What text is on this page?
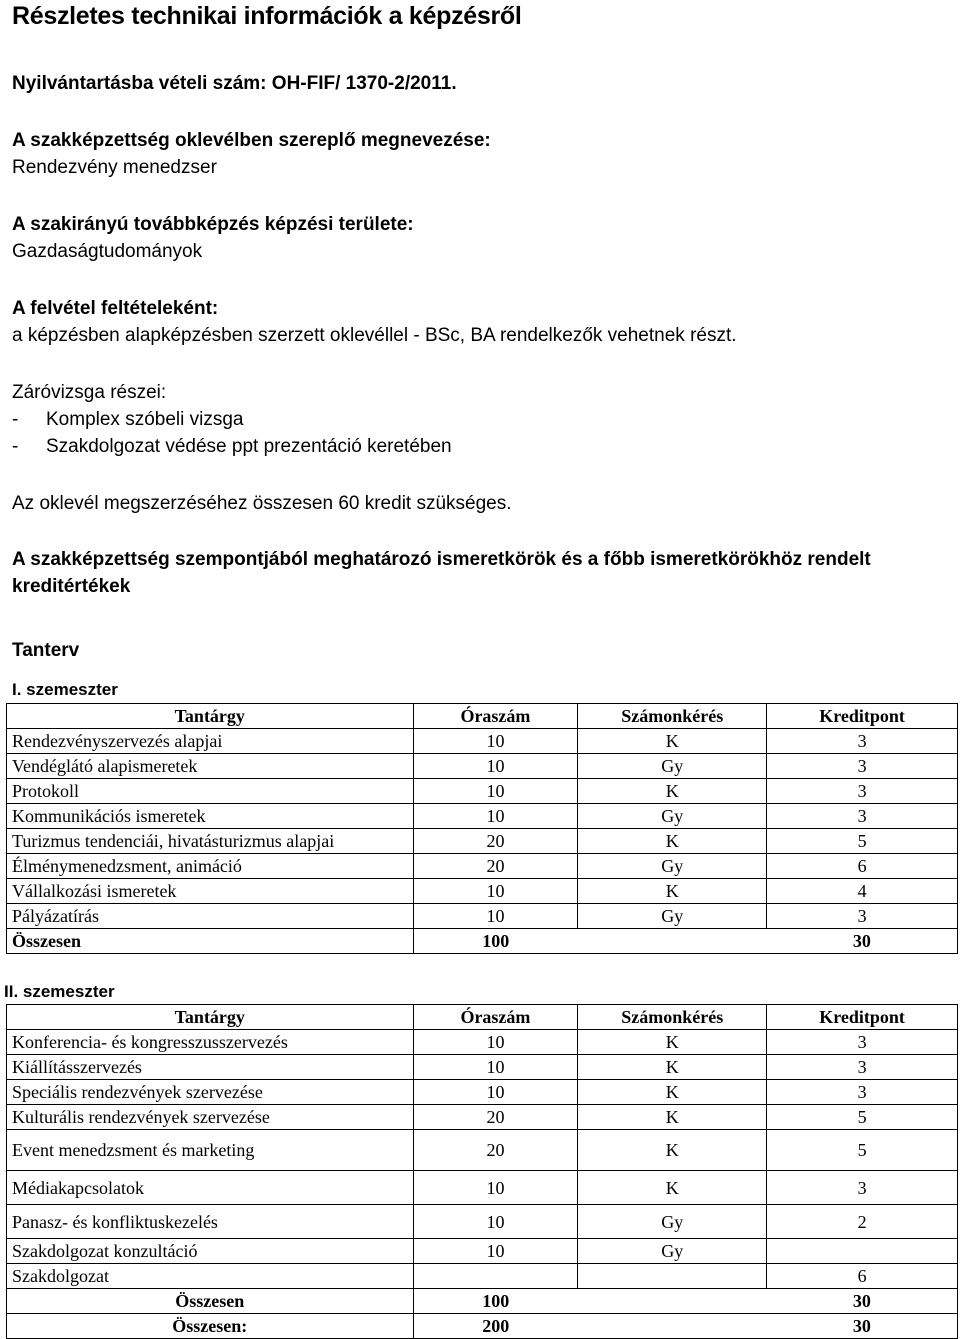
Részletes technikai információk a képzésről
Nyilvántartásba vételi szám: OH-FIF/ 1370-2/2011.
A szakképzettség oklevélben szereplő megnevezése:
Rendezvény menedzser
A szakirányú továbbképzés képzési területe:
Gazdaságtudományok
A felvétel feltételeként:
a képzésben alapképzésben szerzett oklevéllel - BSc, BA rendelkezők vehetnek részt.
Záróvizsga részei:
- Komplex szóbeli vizsga
- Szakdolgozat védése ppt prezentáció keretében
Az oklevél megszerzéséhez összesen 60 kredit szükséges.
A szakképzettség szempontjából meghatározó ismeretkörök és a főbb ismeretkörökhöz rendelt kreditértékek
Tanterv
I. szemeszter
Tantárgy	Óraszám	Számonkérés	Kreditpont
Rendezvényszervezés alapjai	10	K	3
Vendéglátó alapismeretek	10	Gy	3
Protokoll	10	K	3
Kommunikációs ismeretek	10	Gy	3
Turizmus tendenciái, hivatásturizmus alapjai	20	K	5
Élménymenedzsment, animáció	20	Gy	6
Vállalkozási ismeretek	10	K	4
Pályázatírás	10	Gy	3
Összesen	100		30
II. szemeszter
Tantárgy	Óraszám	Számonkérés	Kreditpont
Konferencia- és kongresszusszervezés	10	K	3
Kiállításszervezés	10	K	3
Speciális rendezvények szervezése	10	K	3
Kulturális rendezvények szervezése	20	K	5
Event menedzsment és marketing	20	K	5
Médiakapcsolatok	10	K	3
Panasz- és konfliktuskezelés	10	Gy	2
Szakdolgozat konzultáció	10	Gy	
Szakdolgozat			6
Összesen	100		30
Összesen:	200		30
